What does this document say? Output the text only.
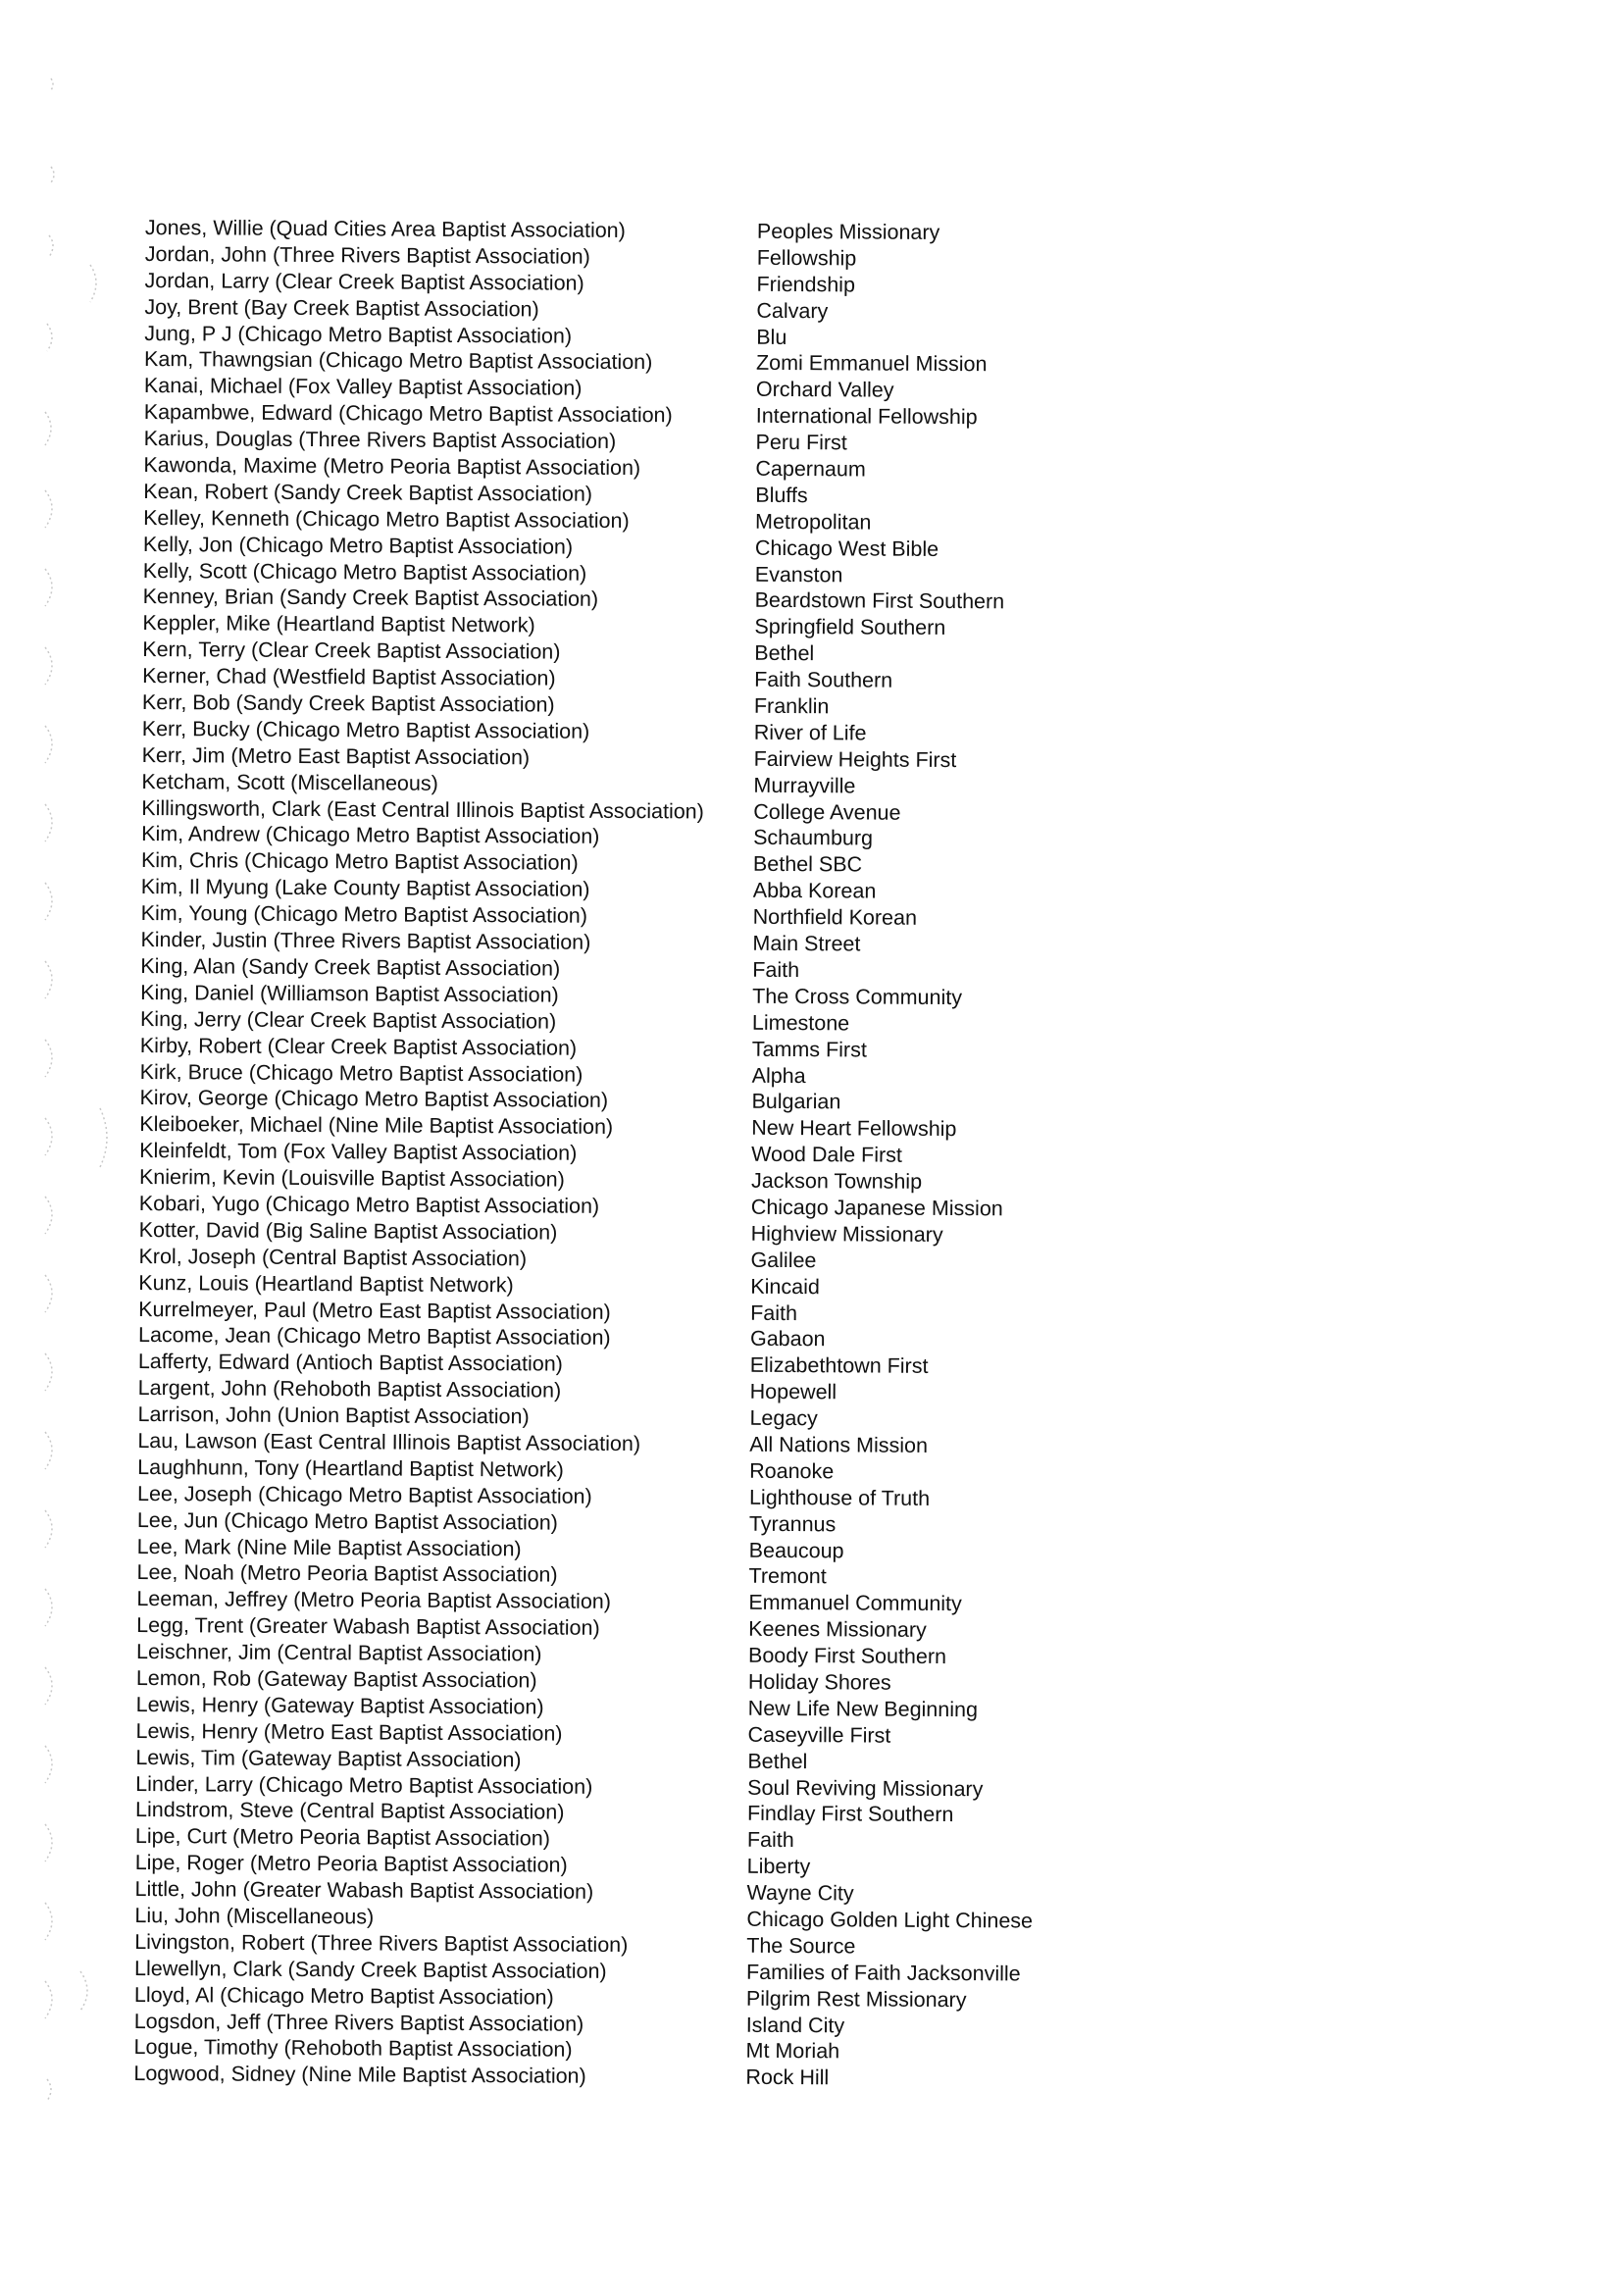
Jones, Willie (Quad Cities Area Baptist Association)	Peoples Missionary
Jordan, John (Three Rivers Baptist Association)	Fellowship
Jordan, Larry (Clear Creek Baptist Association)	Friendship
Joy, Brent (Bay Creek Baptist Association)	Calvary
Jung, P J (Chicago Metro Baptist Association)	Blu
Kam, Thawngsian (Chicago Metro Baptist Association)	Zomi Emmanuel Mission
Kanai, Michael (Fox Valley Baptist Association)	Orchard Valley
Kapambwe, Edward (Chicago Metro Baptist Association)	International Fellowship
Karius, Douglas (Three Rivers Baptist Association)	Peru First
Kawonda, Maxime (Metro Peoria Baptist Association)	Capernaum
Kean, Robert (Sandy Creek Baptist Association)	Bluffs
Kelley, Kenneth (Chicago Metro Baptist Association)	Metropolitan
Kelly, Jon (Chicago Metro Baptist Association)	Chicago West Bible
Kelly, Scott (Chicago Metro Baptist Association)	Evanston
Kenney, Brian (Sandy Creek Baptist Association)	Beardstown First Southern
Keppler, Mike (Heartland Baptist Network)	Springfield Southern
Kern, Terry (Clear Creek Baptist Association)	Bethel
Kerner, Chad (Westfield Baptist Association)	Faith Southern
Kerr, Bob (Sandy Creek Baptist Association)	Franklin
Kerr, Bucky (Chicago Metro Baptist Association)	River of Life
Kerr, Jim (Metro East Baptist Association)	Fairview Heights First
Ketcham, Scott (Miscellaneous)	Murrayville
Killingsworth, Clark (East Central Illinois Baptist Association) College Avenue
Kim, Andrew (Chicago Metro Baptist Association)	Schaumburg
Kim, Chris (Chicago Metro Baptist Association)	Bethel SBC
Kim, Il Myung (Lake County Baptist Association)	Abba Korean
Kim, Young (Chicago Metro Baptist Association)	Northfield Korean
Kinder, Justin (Three Rivers Baptist Association)	Main Street
King, Alan (Sandy Creek Baptist Association)	Faith
King, Daniel (Williamson Baptist Association)	The Cross Community
King, Jerry (Clear Creek Baptist Association)	Limestone
Kirby, Robert (Clear Creek Baptist Association)	Tamms First
Kirk, Bruce (Chicago Metro Baptist Association)	Alpha
Kirov, George (Chicago Metro Baptist Association)	Bulgarian
Kleiboeker, Michael (Nine Mile Baptist Association)	New Heart Fellowship
Kleinfeldt, Tom (Fox Valley Baptist Association)	Wood Dale First
Knierim, Kevin (Louisville Baptist Association)	Jackson Township
Kobari, Yugo (Chicago Metro Baptist Association)	Chicago Japanese Mission
Kotter, David (Big Saline Baptist Association)	Highview Missionary
Krol, Joseph (Central Baptist Association)	Galilee
Kunz, Louis (Heartland Baptist Network)	Kincaid
Kurrelmeyer, Paul (Metro East Baptist Association)	Faith
Lacome, Jean (Chicago Metro Baptist Association)	Gabaon
Lafferty, Edward (Antioch Baptist Association)	Elizabethtown First
Largent, John (Rehoboth Baptist Association)	Hopewell
Larrison, John (Union Baptist Association)	Legacy
Lau, Lawson (East Central Illinois Baptist Association)	All Nations Mission
Laughhunn, Tony (Heartland Baptist Network)	Roanoke
Lee, Joseph (Chicago Metro Baptist Association)	Lighthouse of Truth
Lee, Jun (Chicago Metro Baptist Association)	Tyrannus
Lee, Mark (Nine Mile Baptist Association)	Beaucoup
Lee, Noah (Metro Peoria Baptist Association)	Tremont
Leeman, Jeffrey (Metro Peoria Baptist Association)	Emmanuel Community
Legg, Trent (Greater Wabash Baptist Association)	Keenes Missionary
Leischner, Jim (Central Baptist Association)	Boody First Southern
Lemon, Rob (Gateway Baptist Association)	Holiday Shores
Lewis, Henry (Gateway Baptist Association)	New Life New Beginning
Lewis, Henry (Metro East Baptist Association)	Caseyville First
Lewis, Tim (Gateway Baptist Association)	Bethel
Linder, Larry (Chicago Metro Baptist Association)	Soul Reviving Missionary
Lindstrom, Steve (Central Baptist Association)	Findlay First Southern
Lipe, Curt (Metro Peoria Baptist Association)	Faith
Lipe, Roger (Metro Peoria Baptist Association)	Liberty
Little, John (Greater Wabash Baptist Association)	Wayne City
Liu, John (Miscellaneous)	Chicago Golden Light Chinese
Livingston, Robert (Three Rivers Baptist Association)	The Source
Llewellyn, Clark (Sandy Creek Baptist Association)	Families of Faith Jacksonville
Lloyd, Al (Chicago Metro Baptist Association)	Pilgrim Rest Missionary
Logsdon, Jeff (Three Rivers Baptist Association)	Island City
Logue, Timothy (Rehoboth Baptist Association)	Mt Moriah
Logwood, Sidney (Nine Mile Baptist Association)	Rock Hill
